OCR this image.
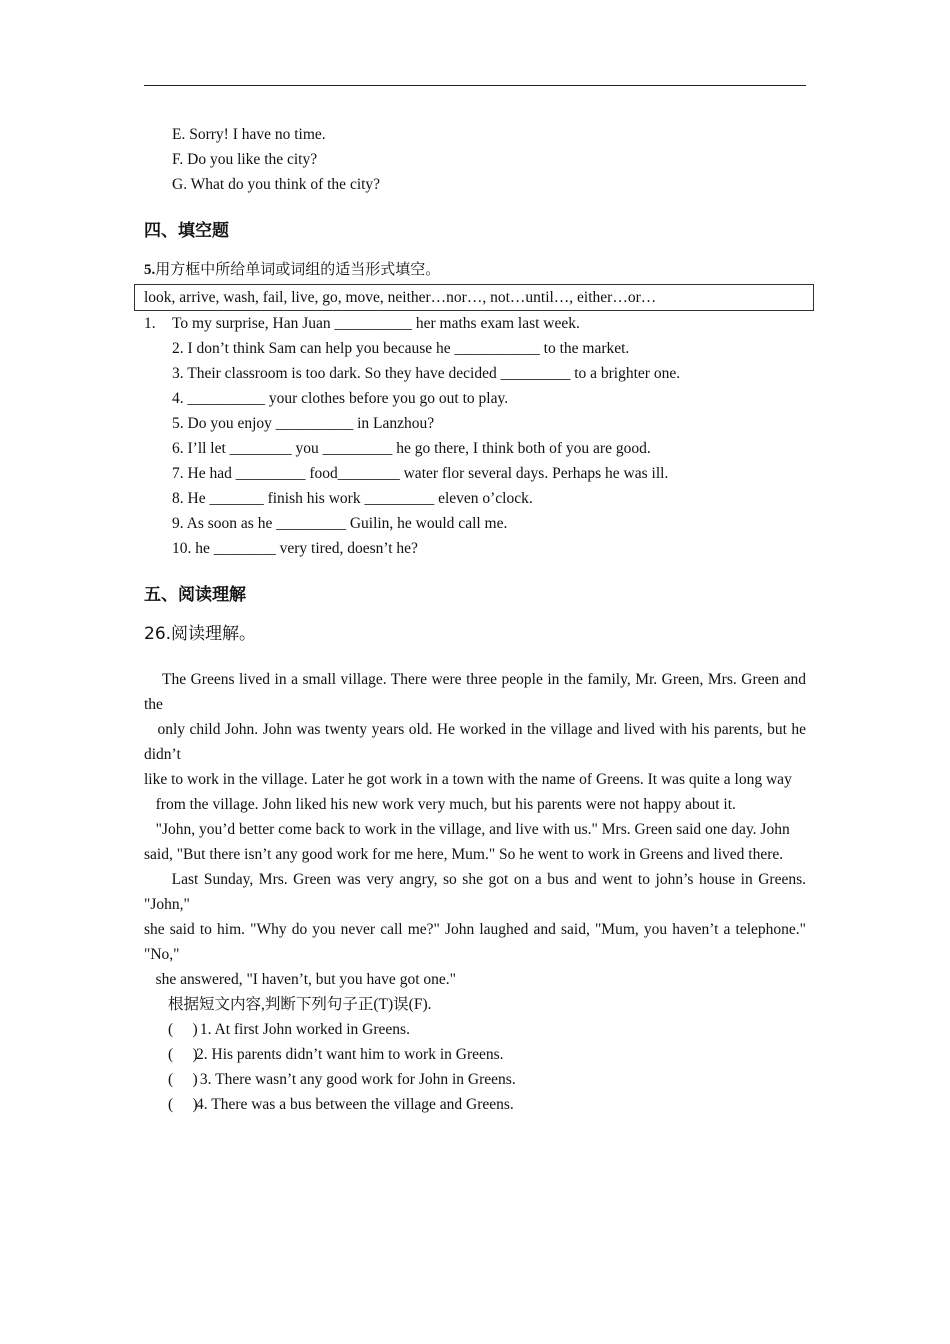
E. Sorry! I have no time.
F. Do you like the city?
G. What do you think of the city?
四、填空题
5.用方框中所给单词或词组的适当形式填空。
look, arrive, wash, fail, live, go, move, neither…nor…, not…until…, either…or…
1.	To my surprise, Han Juan __________ her maths exam last week.
2. I don’t think Sam can help you because he ___________ to the market.
3. Their classroom is too dark. So they have decided _________ to a brighter one.
4. __________ your clothes before you go out to play.
5. Do you enjoy __________ in Lanzhou?
6. I’ll let ________ you _________ he go there, I think both of you are good.
7. He had _________ food________ water flor several days. Perhaps he was ill.
8. He _______ finish his work _________ eleven o’clock.
9. As soon as he _________ Guilin, he would call me.
10. he ________ very tired, doesn’t he?
五、阅读理解
26.阅读理解。

The Greens lived in a small village. There were three people in the family, Mr. Green, Mrs. Green and the

only child John. John was twenty years old. He worked in the village and lived with his parents, but he didn’t

like to work in the village. Later he got work in a town with the name of Greens. It was quite a long way

from the village. John liked his new work very much, but his parents were not happy about it.

"John, you’d better come back to work in the village, and live with us." Mrs. Green said one day. John

said, "But there isn’t any good work for me here, Mum." So he went to work in Greens and lived there.

Last Sunday, Mrs. Green was very angry, so she got on a bus and went to john’s house in Greens. "John,"

she said to him. "Why do you never call me?" John laughed and said, "Mum, you haven’t a telephone." "No,"

she answered, "I haven’t, but you have got one."

根据短文内容,判断下列句子正(T)误(F).
(     ) 1. At first John worked in Greens.
(     )2. His parents didn’t want him to work in Greens.
(     ) 3. There wasn’t any good work for John in Greens.
(     )4. There was a bus between the village and Greens.
